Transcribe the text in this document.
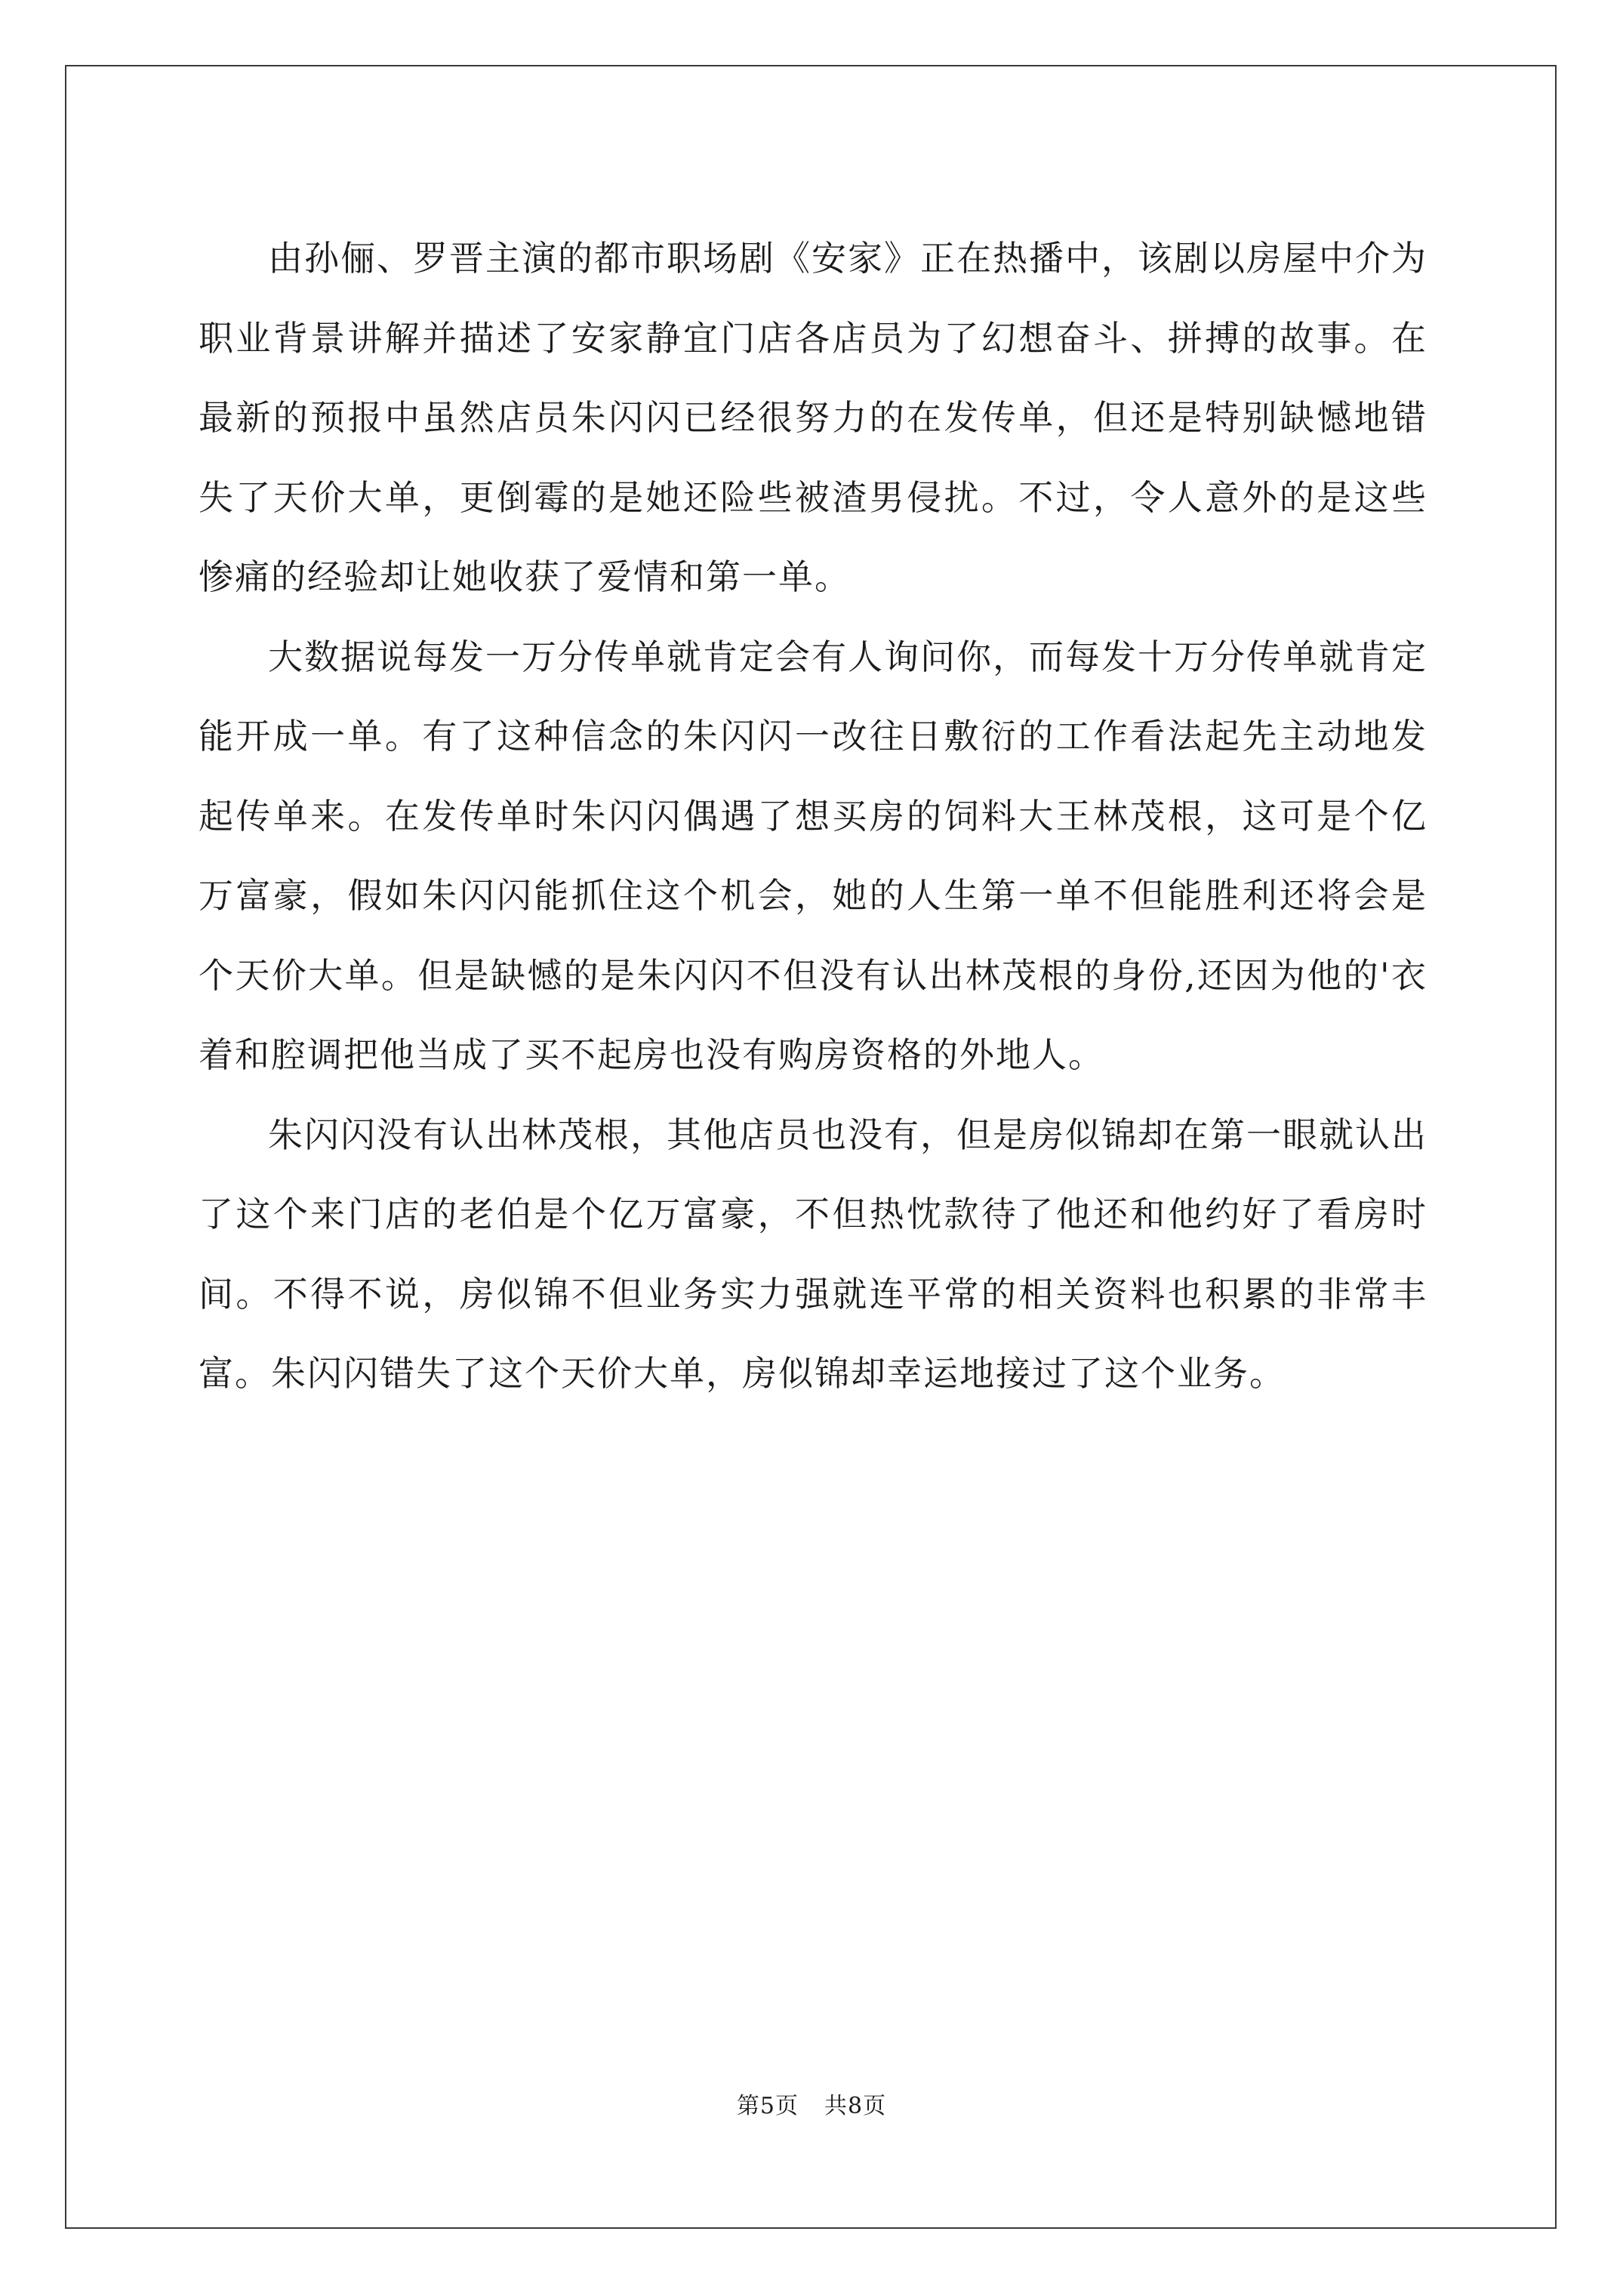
由孙俪、罗晋主演的都市职场剧《安家》正在热播中，该剧以房屋中介为职业背景讲解并描述了安家静宜门店各店员为了幻想奋斗、拼搏的故事。在最新的预报中虽然店员朱闪闪已经很努力的在发传单，但还是特别缺憾地错失了天价大单，更倒霉的是她还险些被渣男侵扰。不过，令人意外的是这些惨痛的经验却让她收获了爱情和第一单。

大数据说每发一万分传单就肯定会有人询问你，而每发十万分传单就肯定能开成一单。有了这种信念的朱闪闪一改往日敷衍的工作看法起先主动地发起传单来。在发传单时朱闪闪偶遇了想买房的饲料大王林茂根，这可是个亿万富豪，假如朱闪闪能抓住这个机会，她的人生第一单不但能胜利还将会是个天价大单。但是缺憾的是朱闪闪不但没有认出林茂根的身份,还因为他的'衣着和腔调把他当成了买不起房也没有购房资格的外地人。

朱闪闪没有认出林茂根，其他店员也没有，但是房似锦却在第一眼就认出了这个来门店的老伯是个亿万富豪，不但热忱款待了他还和他约好了看房时间。不得不说，房似锦不但业务实力强就连平常的相关资料也积累的非常丰富。朱闪闪错失了这个天价大单，房似锦却幸运地接过了这个业务。

第5页 共8页
